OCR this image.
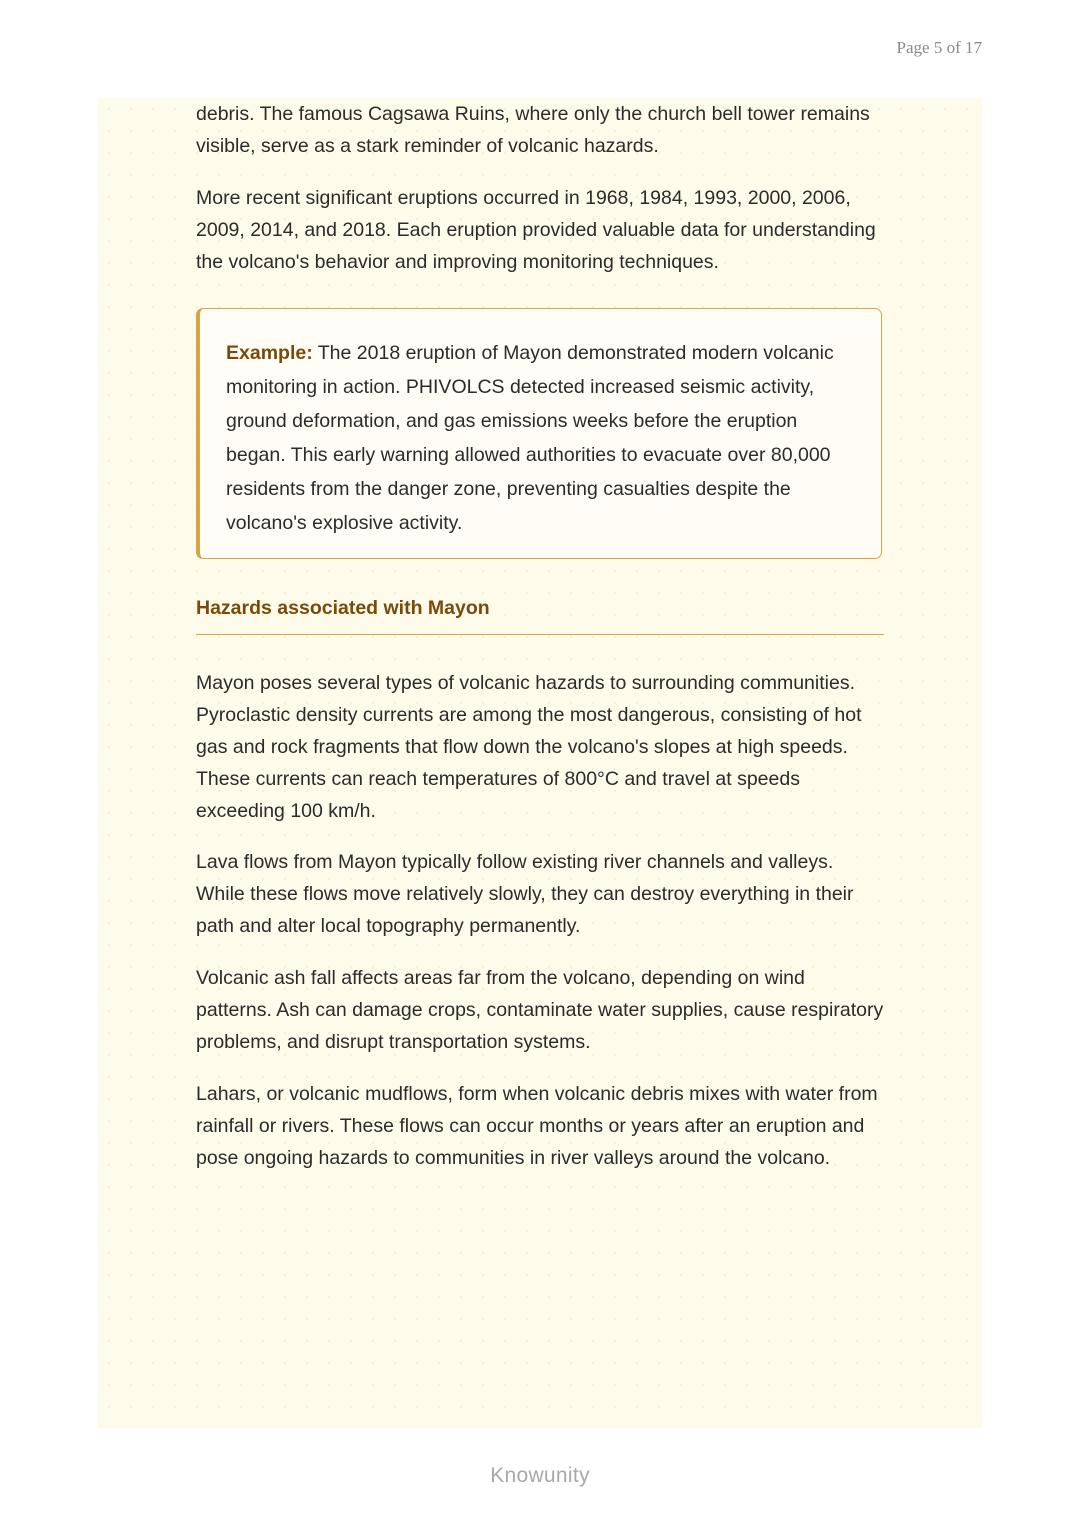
Page 5 of 17

debris. The famous Cagsawa Ruins, where only the church bell tower remains visible, serve as a stark reminder of volcanic hazards.

More recent significant eruptions occurred in 1968, 1984, 1993, 2000, 2006, 2009, 2014, and 2018. Each eruption provided valuable data for understanding the volcano's behavior and improving monitoring techniques.

Example: The 2018 eruption of Mayon demonstrated modern volcanic monitoring in action. PHIVOLCS detected increased seismic activity, ground deformation, and gas emissions weeks before the eruption began. This early warning allowed authorities to evacuate over 80,000 residents from the danger zone, preventing casualties despite the volcano's explosive activity.

Hazards associated with Mayon

Mayon poses several types of volcanic hazards to surrounding communities. Pyroclastic density currents are among the most dangerous, consisting of hot gas and rock fragments that flow down the volcano's slopes at high speeds. These currents can reach temperatures of 800°C and travel at speeds exceeding 100 km/h.

Lava flows from Mayon typically follow existing river channels and valleys. While these flows move relatively slowly, they can destroy everything in their path and alter local topography permanently.

Volcanic ash fall affects areas far from the volcano, depending on wind patterns. Ash can damage crops, contaminate water supplies, cause respiratory problems, and disrupt transportation systems.

Lahars, or volcanic mudflows, form when volcanic debris mixes with water from rainfall or rivers. These flows can occur months or years after an eruption and pose ongoing hazards to communities in river valleys around the volcano.

Knowunity
